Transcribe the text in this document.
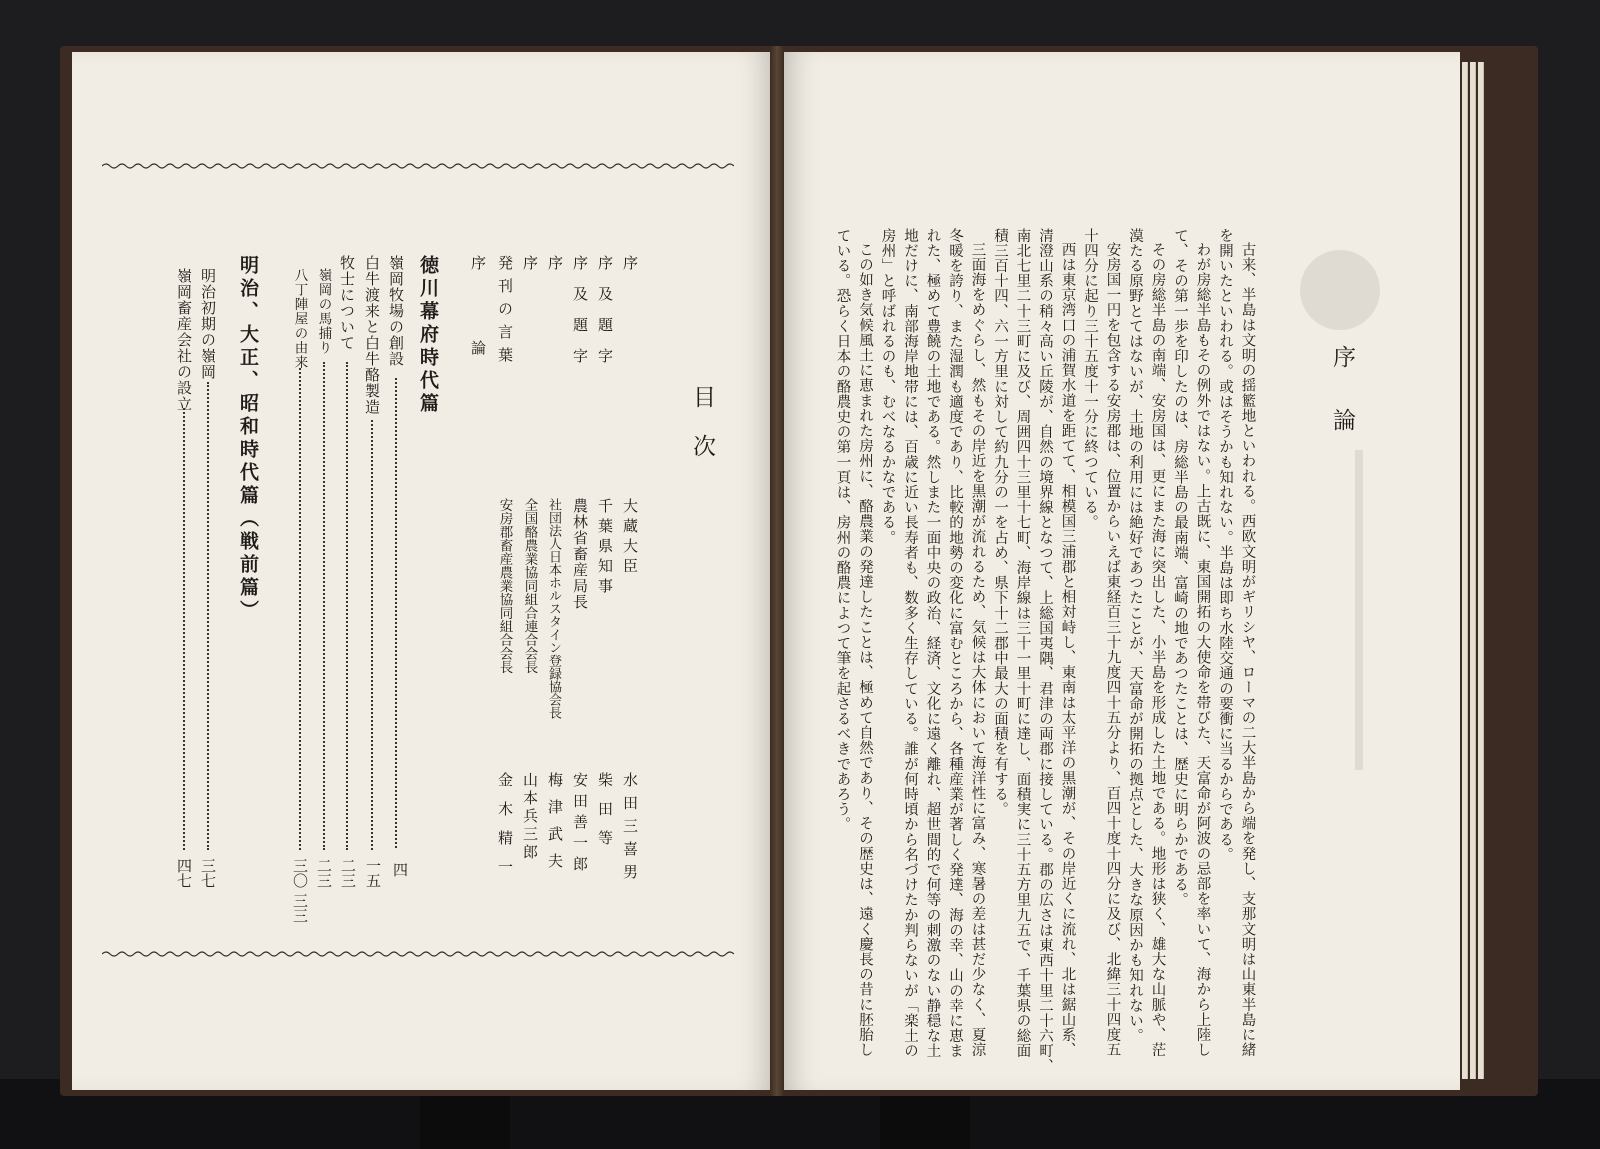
目次
序
大蔵大臣
水田三喜男
序及題字
千葉県知事
柴田等
序及題字
農林省畜産局長
安田善一郎
序
社団法人日本ホルスタイン登録協会長
梅津武夫
序
全国酪農業協同組合連合会長
山本兵三郎
発刊の言葉
安房郡畜産農業協同組合会長
金木精一
序論
四
徳川幕府時代篇
嶺岡牧場の創設
白牛渡来と白牛酪製造
一五
牧士について
二三
嶺岡の馬捕り
二三
八丁陣屋の由来
三〇
三三
明治、大正、昭和時代篇（戦前篇）
明治初期の嶺岡
三七
嶺岡畜産会社の設立
四七
序論
古来、半島は文明の揺籃地といわれる。西欧文明がギリシヤ、ローマの二大半島から端を発し、支那文明は山東半島に緒
を開いたといわれる。或はそうかも知れない。半島は即ち水陸交通の要衝に当るからである。
わが房総半島もその例外ではない。上古既に、東国開拓の大使命を帯びた、天富命が阿波の忌部を率いて、海から上陸し
て、その第一歩を印したのは、房総半島の最南端、富崎の地であつたことは、歴史に明らかである。
その房総半島の南端、安房国は、更にまた海に突出した、小半島を形成した土地である。地形は狭く、雄大な山脈や、茫
漠たる原野とてはないが、土地の利用には絶好であつたことが、天富命が開拓の拠点とした、大きな原因かも知れない。
安房国一円を包含する安房郡は、位置からいえば東経百三十九度四十五分より、百四十度十四分に及び、北緯三十四度五
十四分に起り三十五度十一分に終つている。
西は東京湾口の浦賀水道を距てて、相模国三浦郡と相対峙し、東南は太平洋の黒潮が、その岸近くに流れ、北は鋸山系、
清澄山系の稍々高い丘陵が、自然の境界線となつて、上総国夷隅、君津の両郡に接している。郡の広さは東西十里二十六町、
南北七里二十三町に及び、周囲四十三里十七町、海岸線は三十一里十町に達し、面積実に三十五方里九五で、千葉県の総面
積三百十四、六一方里に対して約九分の一を占め、県下十二郡中最大の面積を有する。
三面海をめぐらし、然もその岸近を黒潮が流れるため、気候は大体において海洋性に富み、寒暑の差は甚だ少なく、夏涼
冬暖を誇り、また湿潤も適度であり、比較的地勢の変化に富むところから、各種産業が著しく発達、海の幸、山の幸に恵ま
れた、極めて豊饒の土地である。然しまた一面中央の政治、経済、文化に遠く離れ、超世間的で何等の刺激のない静穏な土
地だけに、南部海岸地帯には、百歳に近い長寿者も、数多く生存している。誰が何時頃から名づけたか判らないが「楽土の
房州」と呼ばれるのも、むべなるかなである。
この如き気候風土に恵まれた房州に、酪農業の発達したことは、極めて自然であり、その歴史は、遠く慶長の昔に胚胎し
ている。恐らく日本の酪農史の第一頁は、房州の酪農によつて筆を起さるべきであろう。
